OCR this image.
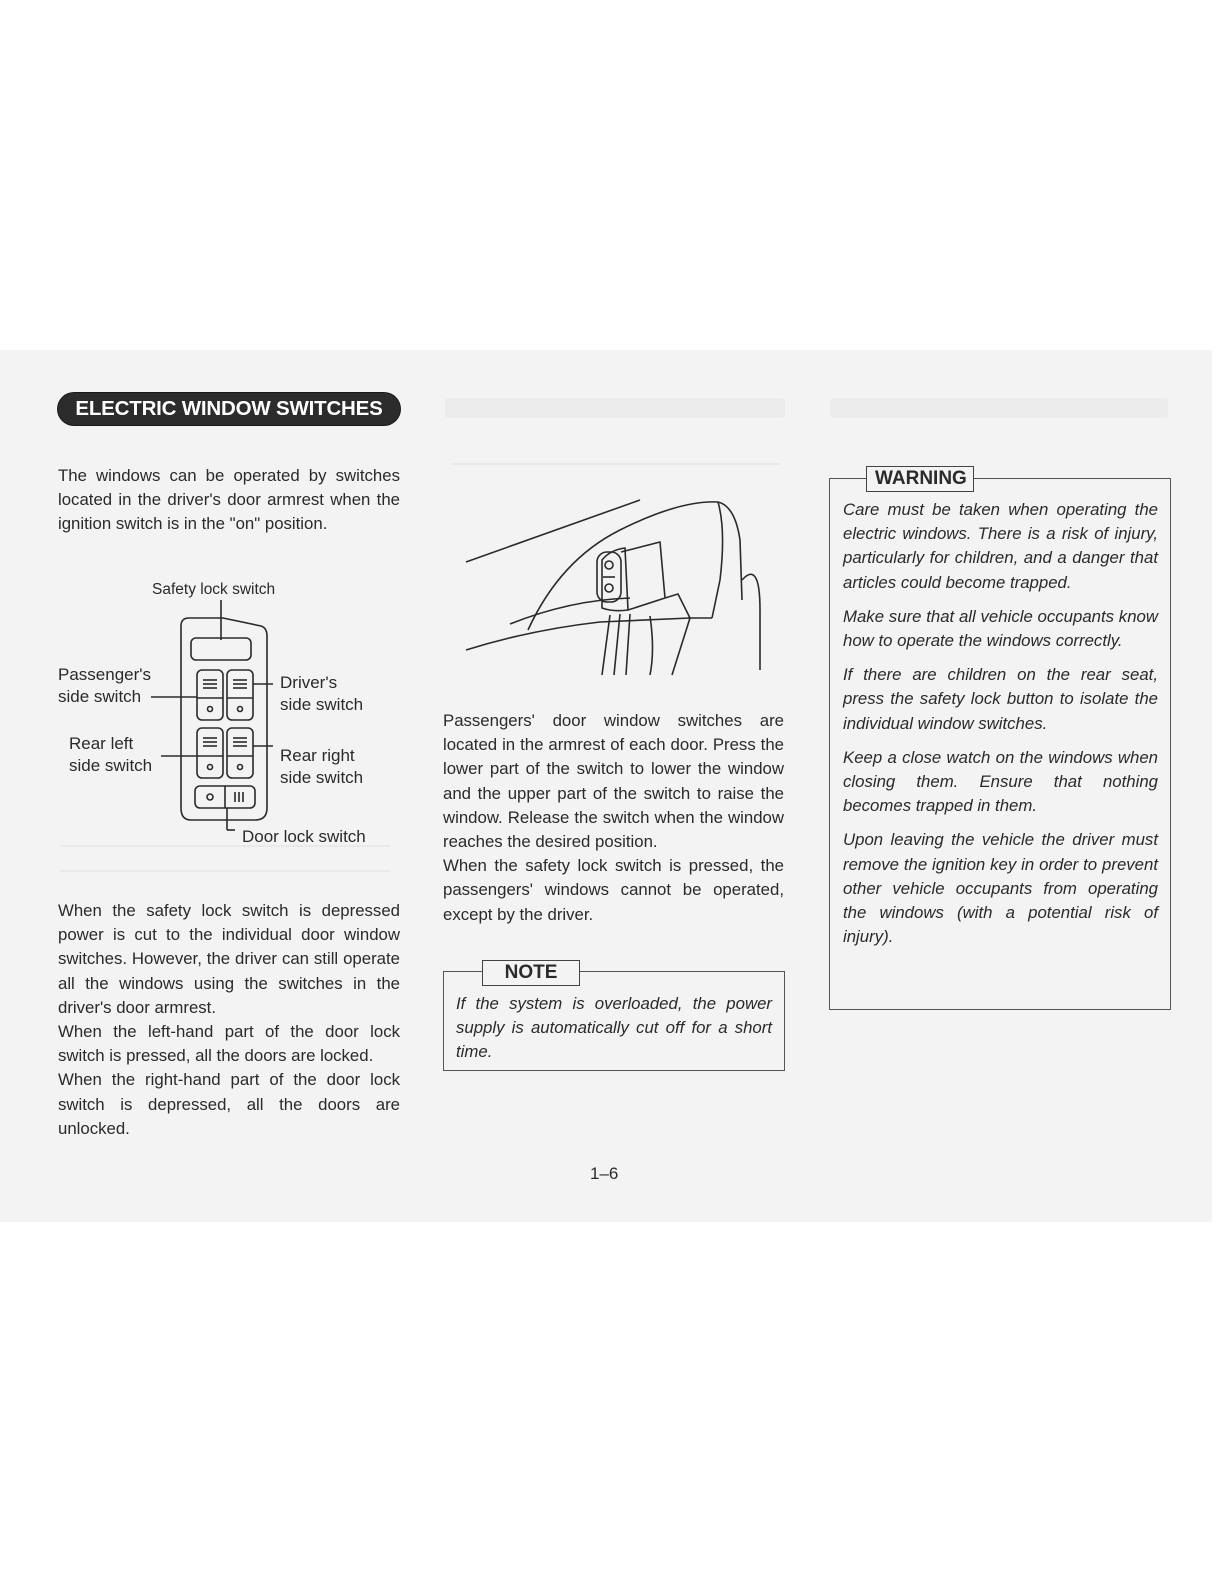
ELECTRIC WINDOW SWITCHES

The windows can be operated by switches located in the driver's door armrest when the ignition switch is in the "on" position.

Safety lock switch
Passenger's
side switch
Driver's
side switch
Rear left
side switch
Rear right
side switch
Door lock switch

When the safety lock switch is depressed power is cut to the individual door window switches. However, the driver can still operate all the windows using the switches in the driver's door armrest.

When the left-hand part of the door lock switch is pressed, all the doors are locked.

When the right-hand part of the door lock switch is depressed, all the doors are unlocked.

Passengers' door window switches are located in the armrest of each door. Press the lower part of the switch to lower the window and the upper part of the switch to raise the window. Release the switch when the window reaches the desired position.

When the safety lock switch is pressed, the passengers' windows cannot be operated, except by the driver.

NOTE

If the system is overloaded, the power supply is automatically cut off for a short time.

WARNING

Care must be taken when operating the electric windows. There is a risk of injury, particularly for children, and a danger that articles could become trapped.

Make sure that all vehicle occupants know how to operate the windows correctly.

If there are children on the rear seat, press the safety lock button to isolate the individual window switches.

Keep a close watch on the windows when closing them. Ensure that nothing becomes trapped in them.

Upon leaving the vehicle the driver must remove the ignition key in order to prevent other vehicle occupants from operating the windows (with a potential risk of injury).

1–6
